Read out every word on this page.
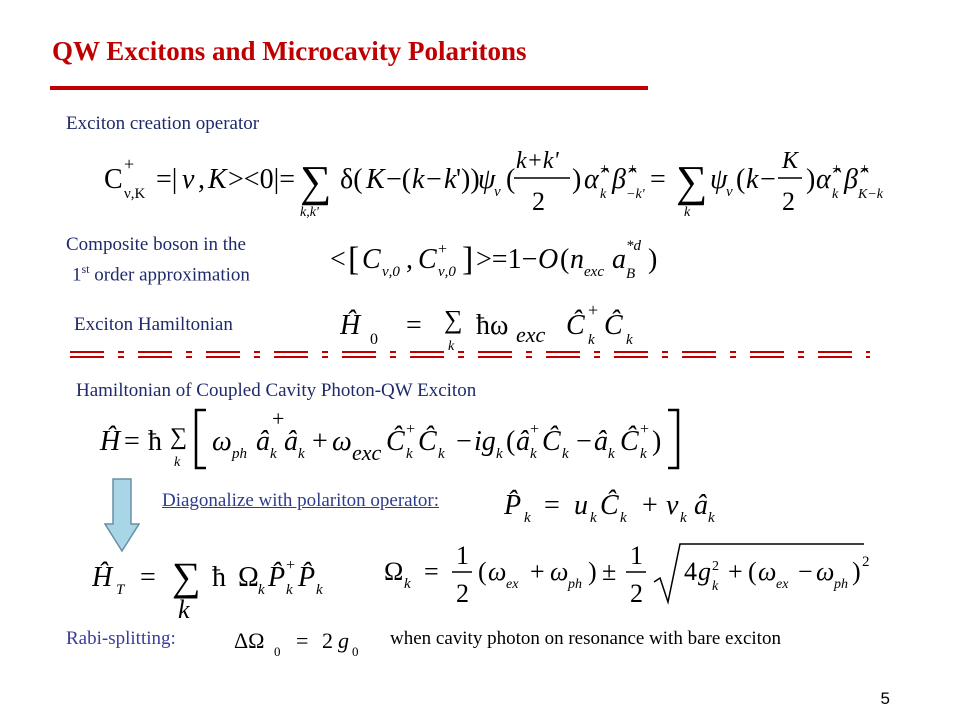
QW Excitons and Microcavity Polaritons
Exciton creation operator
C +
ν,K =| ν , K ><0|= ∑
k,k'
δ( K −( k − k '))
ψ
ν (
k+k'
2
) α̂ +
k β̂ +
−k' = ∑
k
ψ
ν ( k −
K
2
) α̂ +
k β̂ +
K−k
Composite boson in the
1st order approximation	< [ C ν,0 , C +
ν,0 ] >=1− O ( n exc a *d
B )
Exciton Hamiltonian	Ĥ 0 = ∑
k
ħω exc Ĉ +
k Ĉ k
Hamiltonian of Coupled Cavity Photon-QW Exciton
Ĥ = ħ ∑
k
ω ph â
+
k â k + ω exc Ĉ +
k Ĉ k − ig k ( â +
k Ĉ k − â k Ĉ +
k )
Diagonalize with polariton operator: P̂ k = u k Ĉ k + v k â k
Ĥ T = ∑
k
ħ Ω k P̂ +
k P̂ k
Ω k =
1
2
( ω ex + ω ph ) ±
1
2
4 g 2
k
+ ( ω ex − ω ph ) 2
Rabi-splitting:	ΔΩ 0 = 2 g 0
when cavity photon on resonance with bare exciton
5
